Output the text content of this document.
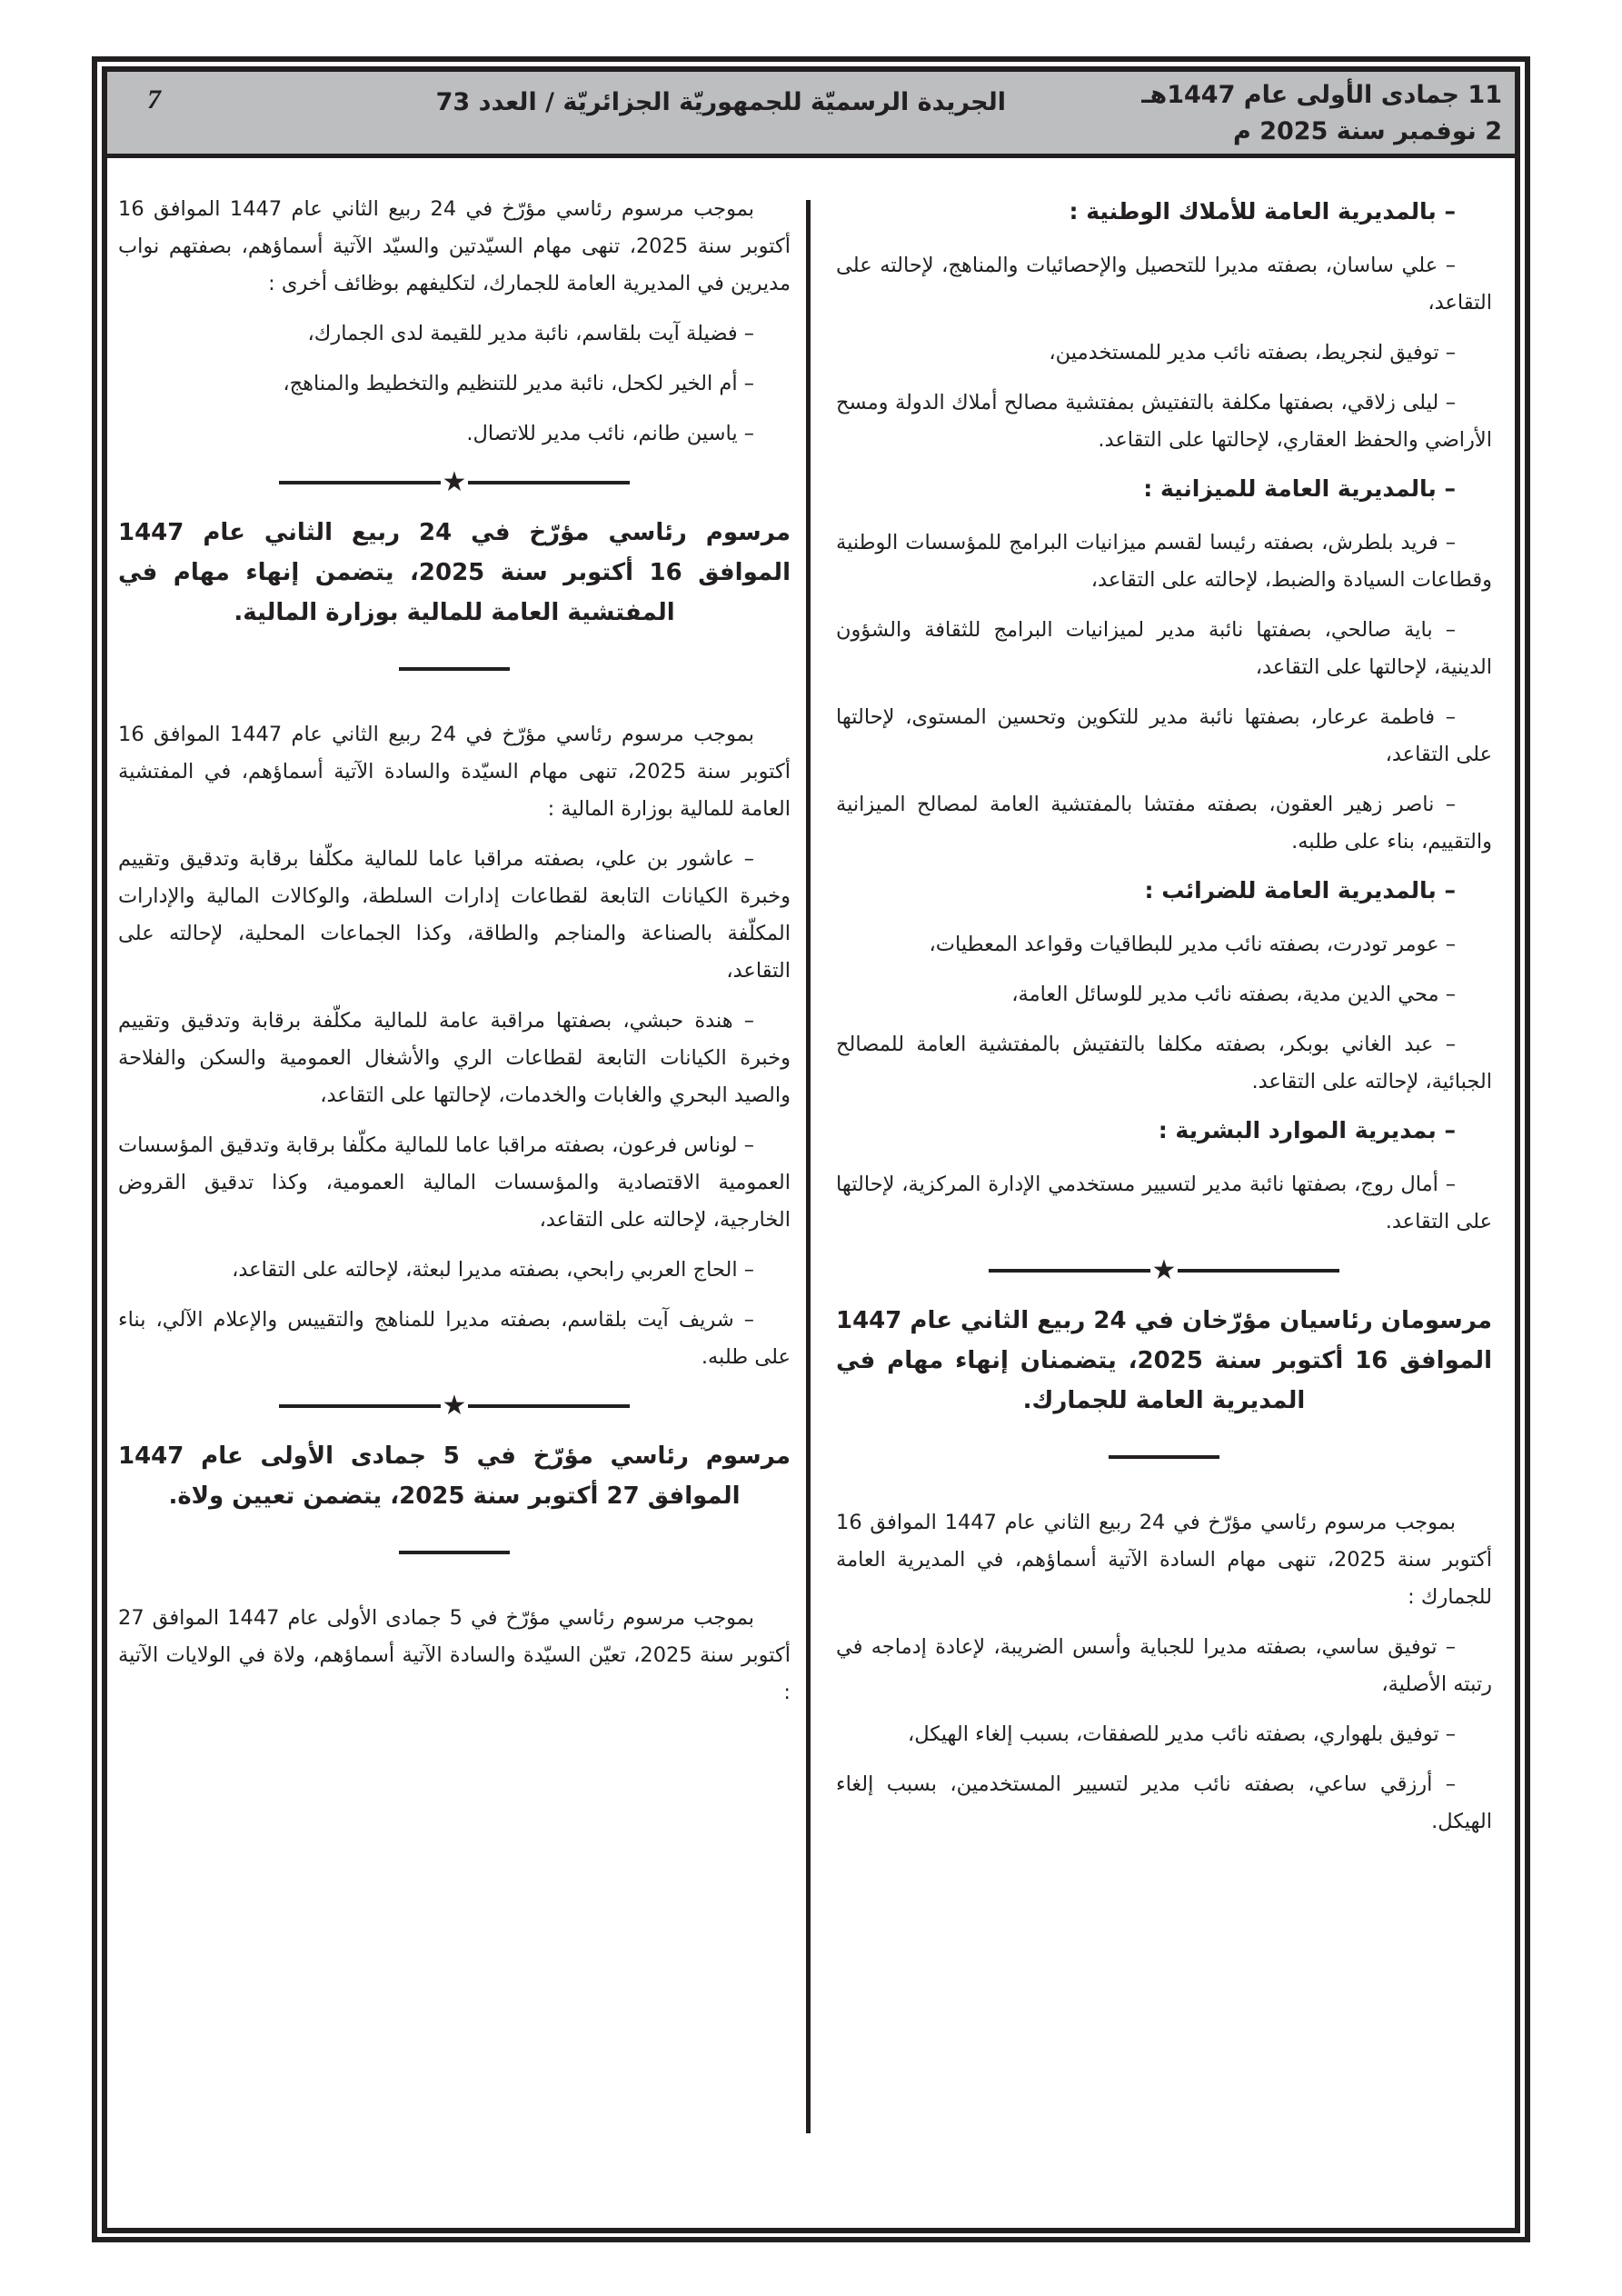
11 جمادى الأولى عام 1447هـ
2 نوفمبر سنة 2025 م
الجريدة الرسميّة للجمهوريّة الجزائريّة / العدد 73
7
– بالمديرية العامة للأملاك الوطنية :

– علي ساسان، بصفته مديرا للتحصيل والإحصائيات والمناهج، لإحالته على التقاعد،

– توفيق لنجريط، بصفته نائب مدير للمستخدمين،

– ليلى زلاقي، بصفتها مكلفة بالتفتيش بمفتشية مصالح أملاك الدولة ومسح الأراضي والحفظ العقاري، لإحالتها على التقاعد.

– بالمديرية العامة للميزانية :

– فريد بلطرش، بصفته رئيسا لقسم ميزانيات البرامج للمؤسسات الوطنية وقطاعات السيادة والضبط، لإحالته على التقاعد،

– باية صالحي، بصفتها نائبة مدير لميزانيات البرامج للثقافة والشؤون الدينية، لإحالتها على التقاعد،

– فاطمة عرعار، بصفتها نائبة مدير للتكوين وتحسين المستوى، لإحالتها على التقاعد،

– ناصر زهير العقون، بصفته مفتشا بالمفتشية العامة لمصالح الميزانية والتقييم، بناء على طلبه.

– بالمديرية العامة للضرائب :

– عومر تودرت، بصفته نائب مدير للبطاقيات وقواعد المعطيات،

– محي الدين مدية، بصفته نائب مدير للوسائل العامة،

– عبد الغاني بوبكر، بصفته مكلفا بالتفتيش بالمفتشية العامة للمصالح الجبائية، لإحالته على التقاعد.

– بمديرية الموارد البشرية :

– أمال روج، بصفتها نائبة مدير لتسيير مستخدمي الإدارة المركزية، لإحالتها على التقاعد.

★
مرسومان رئاسيان مؤرّخان في 24 ربيع الثاني عام 1447 الموافق 16 أكتوبر سنة 2025، يتضمنان إنهاء مهام في المديرية العامة للجمارك.

بموجب مرسوم رئاسي مؤرّخ في 24 ربيع الثاني عام 1447 الموافق 16 أكتوبر سنة 2025، تنهى مهام السادة الآتية أسماؤهم، في المديرية العامة للجمارك :

– توفيق ساسي، بصفته مديرا للجباية وأسس الضريبة، لإعادة إدماجه في رتبته الأصلية،

– توفيق بلهواري، بصفته نائب مدير للصفقات، بسبب إلغاء الهيكل،

– أرزقي ساعي، بصفته نائب مدير لتسيير المستخدمين، بسبب إلغاء الهيكل.

بموجب مرسوم رئاسي مؤرّخ في 24 ربيع الثاني عام 1447 الموافق 16 أكتوبر سنة 2025، تنهى مهام السيّدتين والسيّد الآتية أسماؤهم، بصفتهم نواب مديرين في المديرية العامة للجمارك، لتكليفهم بوظائف أخرى :

– فضيلة آيت بلقاسم، نائبة مدير للقيمة لدى الجمارك،

– أم الخير لكحل، نائبة مدير للتنظيم والتخطيط والمناهج،

– ياسين طانم، نائب مدير للاتصال.

★
مرسوم رئاسي مؤرّخ في 24 ربيع الثاني عام 1447 الموافق 16 أكتوبر سنة 2025، يتضمن إنهاء مهام في المفتشية العامة للمالية بوزارة المالية.

بموجب مرسوم رئاسي مؤرّخ في 24 ربيع الثاني عام 1447 الموافق 16 أكتوبر سنة 2025، تنهى مهام السيّدة والسادة الآتية أسماؤهم، في المفتشية العامة للمالية بوزارة المالية :

– عاشور بن علي، بصفته مراقبا عاما للمالية مكلّفا برقابة وتدقيق وتقييم وخبرة الكيانات التابعة لقطاعات إدارات السلطة، والوكالات المالية والإدارات المكلّفة بالصناعة والمناجم والطاقة، وكذا الجماعات المحلية، لإحالته على التقاعد،

– هندة حبشي، بصفتها مراقبة عامة للمالية مكلّفة برقابة وتدقيق وتقييم وخبرة الكيانات التابعة لقطاعات الري والأشغال العمومية والسكن والفلاحة والصيد البحري والغابات والخدمات، لإحالتها على التقاعد،

– لوناس فرعون، بصفته مراقبا عاما للمالية مكلّفا برقابة وتدقيق المؤسسات العمومية الاقتصادية والمؤسسات المالية العمومية، وكذا تدقيق القروض الخارجية، لإحالته على التقاعد،

– الحاج العربي رابحي، بصفته مديرا لبعثة، لإحالته على التقاعد،

– شريف آيت بلقاسم، بصفته مديرا للمناهج والتقييس والإعلام الآلي، بناء على طلبه.

★
مرسوم رئاسي مؤرّخ في 5 جمادى الأولى عام 1447 الموافق 27 أكتوبر سنة 2025، يتضمن تعيين ولاة.

بموجب مرسوم رئاسي مؤرّخ في 5 جمادى الأولى عام 1447 الموافق 27 أكتوبر سنة 2025، تعيّن السيّدة والسادة الآتية أسماؤهم، ولاة في الولايات الآتية :
